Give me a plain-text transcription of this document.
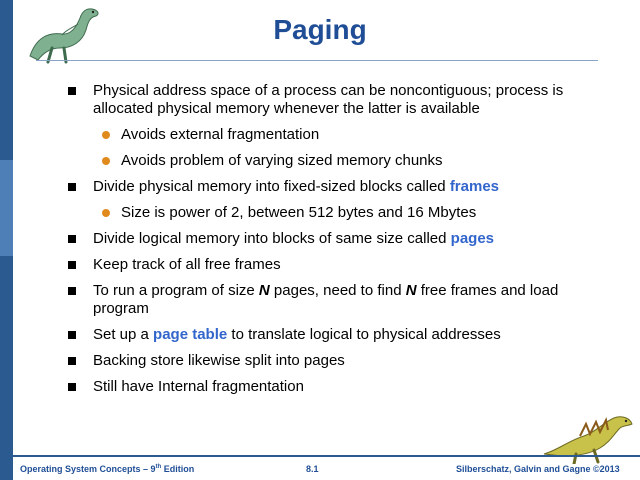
Paging
Physical address space of a process can be noncontiguous; process is allocated physical memory whenever the latter is available
Avoids external fragmentation
Avoids problem of varying sized memory chunks
Divide physical memory into fixed-sized blocks called frames
Size is power of 2, between 512 bytes and 16 Mbytes
Divide logical memory into blocks of same size called pages
Keep track of all free frames
To run a program of size N pages, need to find N free frames and load program
Set up a page table to translate logical to physical addresses
Backing store likewise split into pages
Still have Internal fragmentation
Operating System Concepts – 9th Edition	8.1	Silberschatz, Galvin and Gagne ©2013
